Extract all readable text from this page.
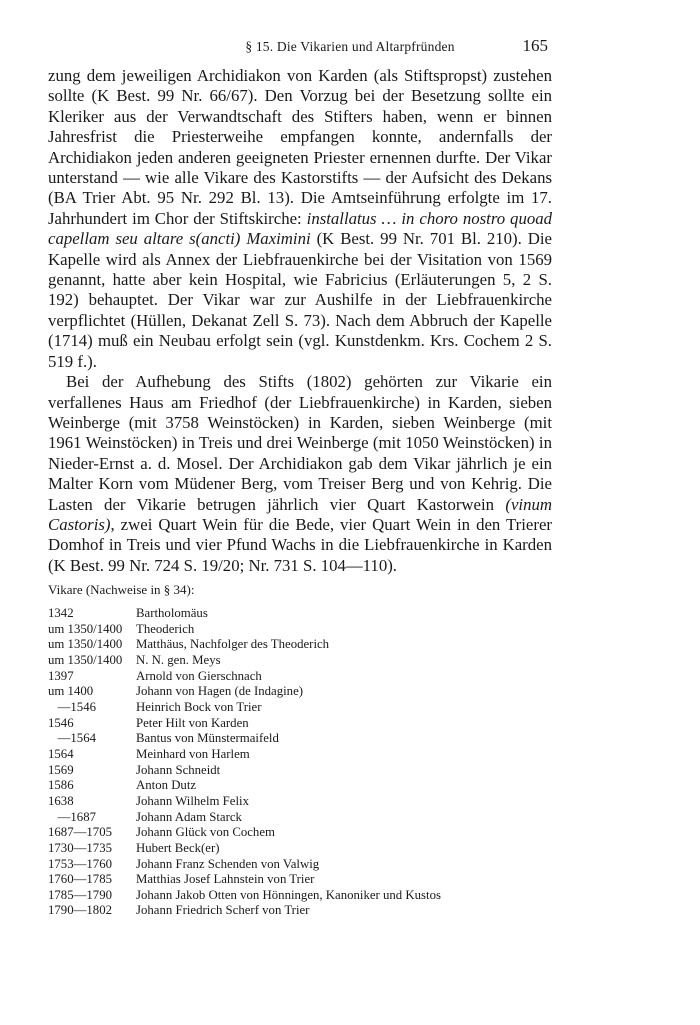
§ 15. Die Vikarien und Altarpfründen	165

zung dem jeweiligen Archidiakon von Karden (als Stiftspropst) zustehen sollte (K Best. 99 Nr. 66/67). Den Vorzug bei der Besetzung sollte ein Kleriker aus der Verwandtschaft des Stifters haben, wenn er binnen Jahresfrist die Priesterweihe empfangen konnte, andernfalls der Archidiakon jeden anderen geeigneten Priester ernennen durfte. Der Vikar unterstand — wie alle Vikare des Kastorstifts — der Aufsicht des Dekans (BA Trier Abt. 95 Nr. 292 Bl. 13). Die Amtseinführung erfolgte im 17. Jahrhundert im Chor der Stiftskirche: installatus … in choro nostro quoad capellam seu altare s(ancti) Maximini (K Best. 99 Nr. 701 Bl. 210). Die Kapelle wird als Annex der Liebfrauenkirche bei der Visitation von 1569 genannt, hatte aber kein Hospital, wie Fabricius (Erläuterungen 5, 2 S. 192) behauptet. Der Vikar war zur Aushilfe in der Liebfrauenkirche verpflichtet (Hüllen, Dekanat Zell S. 73). Nach dem Abbruch der Kapelle (1714) muß ein Neubau erfolgt sein (vgl. Kunstdenkm. Krs. Cochem 2 S. 519 f.).

Bei der Aufhebung des Stifts (1802) gehörten zur Vikarie ein verfallenes Haus am Friedhof (der Liebfrauenkirche) in Karden, sieben Weinberge (mit 3758 Weinstöcken) in Karden, sieben Weinberge (mit 1961 Weinstöcken) in Treis und drei Weinberge (mit 1050 Weinstöcken) in Nieder-Ernst a. d. Mosel. Der Archidiakon gab dem Vikar jährlich je ein Malter Korn vom Müdener Berg, vom Treiser Berg und von Kehrig. Die Lasten der Vikarie betrugen jährlich vier Quart Kastorwein (vinum Castoris), zwei Quart Wein für die Bede, vier Quart Wein in den Trierer Domhof in Treis und vier Pfund Wachs in die Liebfrauenkirche in Karden (K Best. 99 Nr. 724 S. 19/20; Nr. 731 S. 104—110).

Vikare (Nachweise in § 34):
1342	Bartholomäus
um 1350/1400	Theoderich
um 1350/1400	Matthäus, Nachfolger des Theoderich
um 1350/1400	N. N. gen. Meys
1397	Arnold von Gierschnach
um 1400	Johann von Hagen (de Indagine)
—1546	Heinrich Bock von Trier
1546	Peter Hilt von Karden
—1564	Bantus von Münstermaifeld
1564	Meinhard von Harlem
1569	Johann Schneidt
1586	Anton Dutz
1638	Johann Wilhelm Felix
—1687	Johann Adam Starck
1687—1705	Johann Glück von Cochem
1730—1735	Hubert Beck(er)
1753—1760	Johann Franz Schenden von Valwig
1760—1785	Matthias Josef Lahnstein von Trier
1785—1790	Johann Jakob Otten von Hönningen, Kanoniker und Kustos
1790—1802	Johann Friedrich Scherf von Trier
